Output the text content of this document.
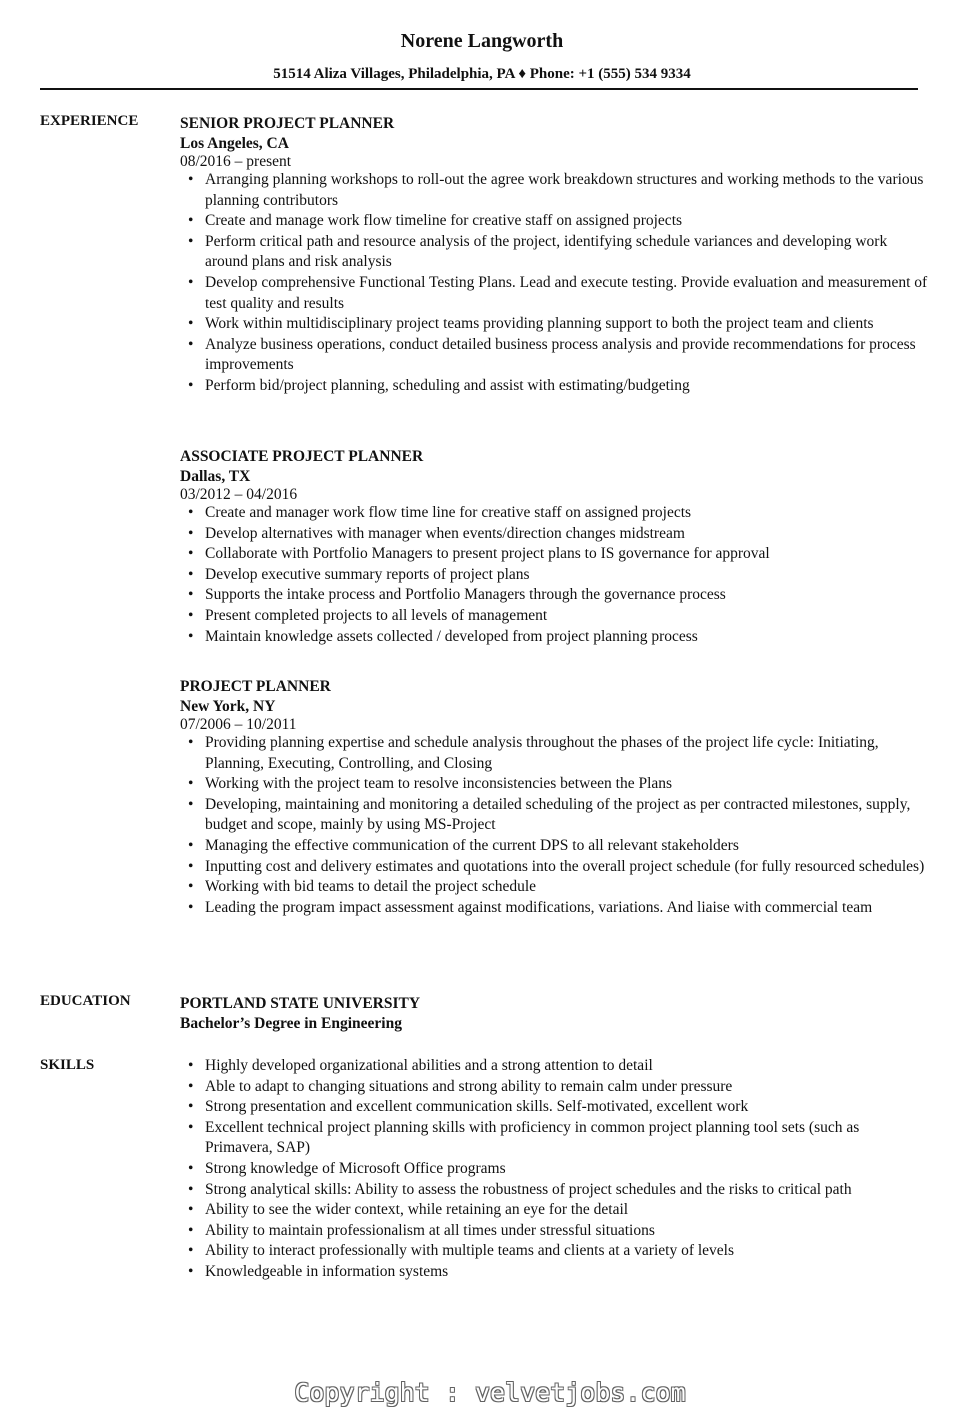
Norene Langworth
51514 Aliza Villages, Philadelphia, PA ♦ Phone: +1 (555) 534 9334
EXPERIENCE	SENIOR PROJECT PLANNER
Los Angeles, CA
08/2016 – present
• Arranging planning workshops to roll-out the agree work breakdown structures and working methods to the various planning contributors
• Create and manage work flow timeline for creative staff on assigned projects
• Perform critical path and resource analysis of the project, identifying schedule variances and developing work around plans and risk analysis
• Develop comprehensive Functional Testing Plans. Lead and execute testing. Provide evaluation and measurement of test quality and results
• Work within multidisciplinary project teams providing planning support to both the project team and clients
• Analyze business operations, conduct detailed business process analysis and provide recommendations for process improvements
• Perform bid/project planning, scheduling and assist with estimating/budgeting
ASSOCIATE PROJECT PLANNER
Dallas, TX
03/2012 – 04/2016
• Create and manager work flow time line for creative staff on assigned projects
• Develop alternatives with manager when events/direction changes midstream
• Collaborate with Portfolio Managers to present project plans to IS governance for approval
• Develop executive summary reports of project plans
• Supports the intake process and Portfolio Managers through the governance process
• Present completed projects to all levels of management
• Maintain knowledge assets collected / developed from project planning process
PROJECT PLANNER
New York, NY
07/2006 – 10/2011
• Providing planning expertise and schedule analysis throughout the phases of the project life cycle: Initiating, Planning, Executing, Controlling, and Closing
• Working with the project team to resolve inconsistencies between the Plans
• Developing, maintaining and monitoring a detailed scheduling of the project as per contracted milestones, supply, budget and scope, mainly by using MS-Project
• Managing the effective communication of the current DPS to all relevant stakeholders
• Inputting cost and delivery estimates and quotations into the overall project schedule (for fully resourced schedules)
• Working with bid teams to detail the project schedule
• Leading the program impact assessment against modifications, variations. And liaise with commercial team
EDUCATION	PORTLAND STATE UNIVERSITY
Bachelor’s Degree in Engineering
SKILLS
•	Highly developed organizational abilities and a strong attention to detail
• Able to adapt to changing situations and strong ability to remain calm under pressure
• Strong presentation and excellent communication skills. Self-motivated, excellent work
• Excellent technical project planning skills with proficiency in common project planning tool sets (such as Primavera, SAP)
• Strong knowledge of Microsoft Office programs
• Strong analytical skills: Ability to assess the robustness of project schedules and the risks to critical path
• Ability to see the wider context, while retaining an eye for the detail
• Ability to maintain professionalism at all times under stressful situations
• Ability to interact professionally with multiple teams and clients at a variety of levels
• Knowledgeable in information systems
Copyright : velvetjobs.com
